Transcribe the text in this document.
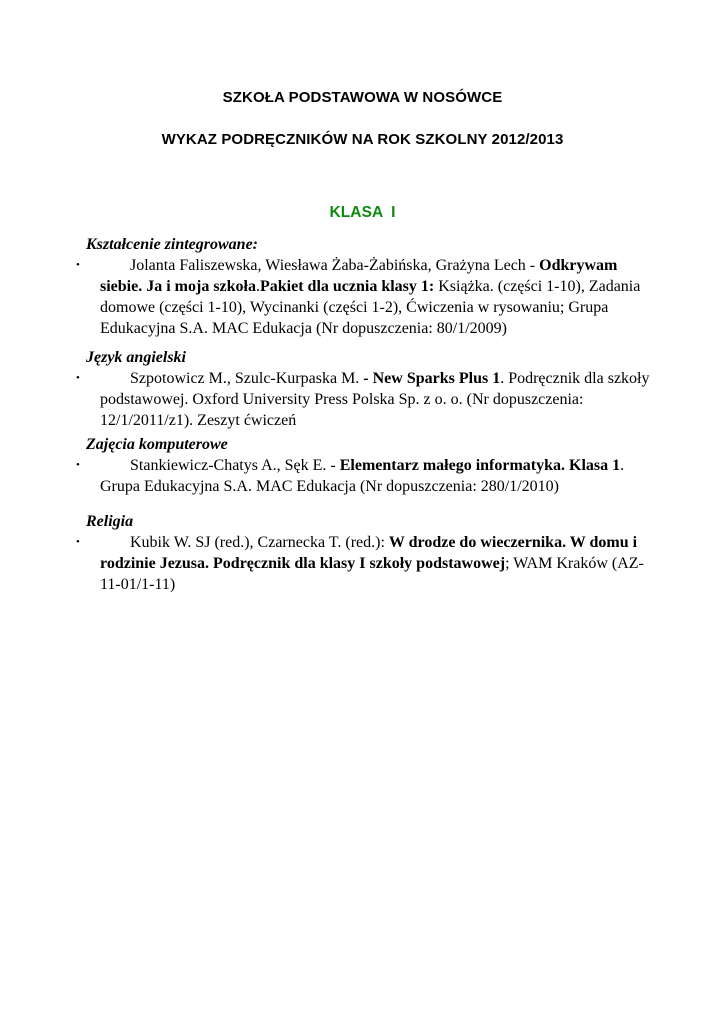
SZKOŁA PODSTAWOWA W NOSÓWCE
WYKAZ PODRĘCZNIKÓW NA ROK SZKOLNY 2012/2013
KLASA I

Kształcenie zintegrowane:

•	Jolanta Faliszewska, Wiesława Żaba-Żabińska, Grażyna Lech - Odkrywam siebie. Ja i moja szkoła.Pakiet dla ucznia klasy 1: Książka. (części 1-10), Zadania domowe (części 1-10), Wycinanki (części 1-2), Ćwiczenia w rysowaniu; Grupa Edukacyjna S.A. MAC Edukacja (Nr dopuszczenia: 80/1/2009)

Język angielski

•	Szpotowicz M., Szulc-Kurpaska M. - New Sparks Plus 1. Podręcznik dla szkoły podstawowej. Oxford University Press Polska Sp. z o. o. (Nr dopuszczenia: 12/1/2011/z1). Zeszyt ćwiczeń

Zajęcia komputerowe

•	Stankiewicz-Chatys A., Sęk E. - Elementarz małego informatyka. Klasa 1. Grupa Edukacyjna S.A. MAC Edukacja (Nr dopuszczenia: 280/1/2010)

Religia

•	Kubik W. SJ (red.), Czarnecka T. (red.): W drodze do wieczernika. W domu i rodzinie Jezusa. Podręcznik dla klasy I szkoły podstawowej; WAM Kraków (AZ-11-01/1-11)
